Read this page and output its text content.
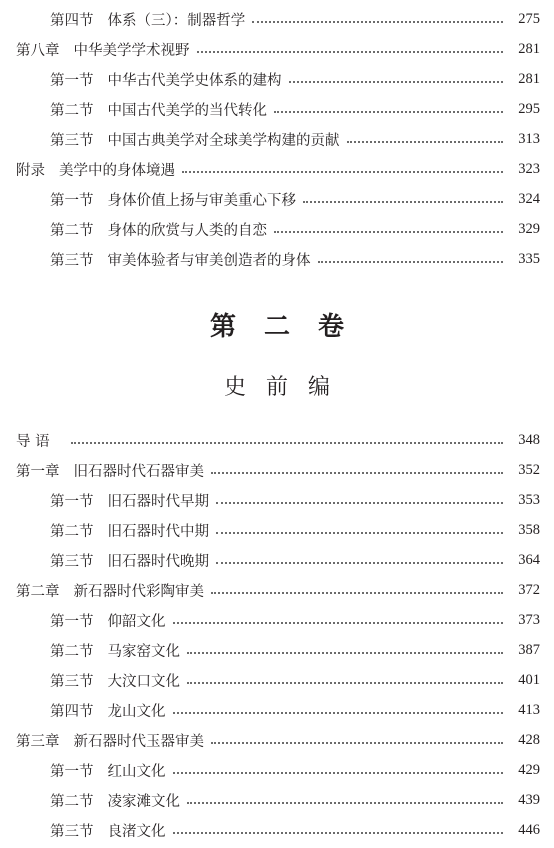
第四节 体系（三）：制器哲学	275
第八章 中华美学学术视野	281
第一节 中华古代美学史体系的建构	281
第二节 中国古代美学的当代转化	295
第三节 中国古典美学对全球美学构建的贡献	313
附录 美学中的身体境遇	323
第一节 身体价值上扬与审美重心下移	324
第二节 身体的欣赏与人类的自恋	329
第三节 审美体验者与审美创造者的身体	335
第二卷
史前编
导 语	348
第一章 旧石器时代石器审美	352
第一节 旧石器时代早期	353
第二节 旧石器时代中期	358
第三节 旧石器时代晚期	364
第二章 新石器时代彩陶审美	372
第一节 仰韶文化	373
第二节 马家窑文化	387
第三节 大汶口文化	401
第四节 龙山文化	413
第三章 新石器时代玉器审美	428
第一节 红山文化	429
第二节 凌家滩文化	439
第三节 良渚文化	446
